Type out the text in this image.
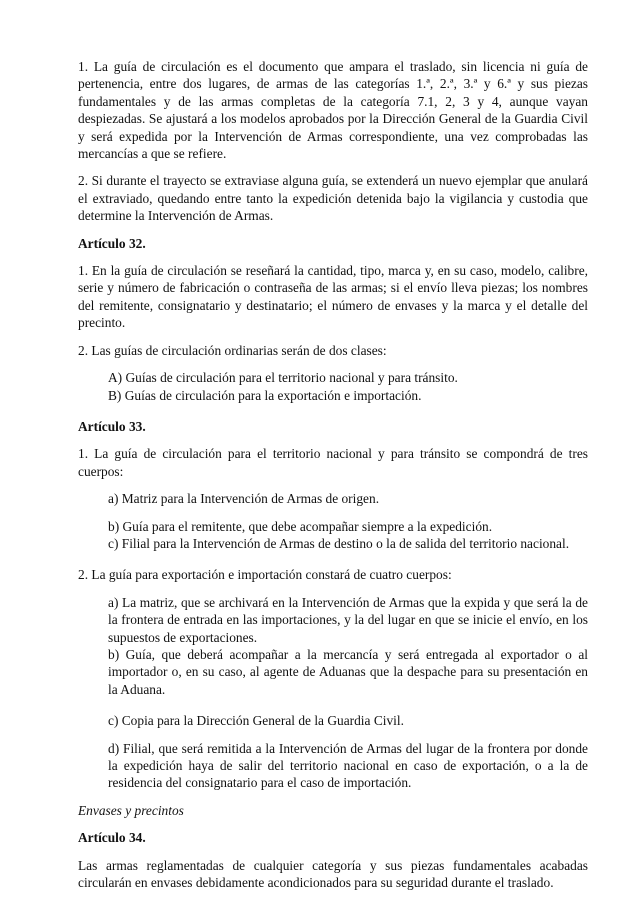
1. La guía de circulación es el documento que ampara el traslado, sin licencia ni guía de pertenencia, entre dos lugares, de armas de las categorías 1.ª, 2.ª, 3.ª y 6.ª y sus piezas fundamentales y de las armas completas de la categoría 7.1, 2, 3 y 4, aunque vayan despiezadas. Se ajustará a los modelos aprobados por la Dirección General de la Guardia Civil y será expedida por la Intervención de Armas correspondiente, una vez comprobadas las mercancías a que se refiere.

2. Si durante el trayecto se extraviase alguna guía, se extenderá un nuevo ejemplar que anulará el extraviado, quedando entre tanto la expedición detenida bajo la vigilancia y custodia que determine la Intervención de Armas.

Artículo 32.

1. En la guía de circulación se reseñará la cantidad, tipo, marca y, en su caso, modelo, calibre, serie y número de fabricación o contraseña de las armas; si el envío lleva piezas; los nombres del remitente, consignatario y destinatario; el número de envases y la marca y el detalle del precinto.

2. Las guías de circulación ordinarias serán de dos clases:

A) Guías de circulación para el territorio nacional y para tránsito.

B) Guías de circulación para la exportación e importación.

Artículo 33.

1. La guía de circulación para el territorio nacional y para tránsito se compondrá de tres cuerpos:

a) Matriz para la Intervención de Armas de origen.

b) Guía para el remitente, que debe acompañar siempre a la expedición.

c) Filial para la Intervención de Armas de destino o la de salida del territorio nacional.

2. La guía para exportación e importación constará de cuatro cuerpos:

a) La matriz, que se archivará en la Intervención de Armas que la expida y que será la de la frontera de entrada en las importaciones, y la del lugar en que se inicie el envío, en los supuestos de exportaciones.

b) Guía, que deberá acompañar a la mercancía y será entregada al exportador o al importador o, en su caso, al agente de Aduanas que la despache para su presentación en la Aduana.

c) Copia para la Dirección General de la Guardia Civil.

d) Filial, que será remitida a la Intervención de Armas del lugar de la frontera por donde la expedición haya de salir del territorio nacional en caso de exportación, o a la de residencia del consignatario para el caso de importación.

Envases y precintos

Artículo 34.

Las armas reglamentadas de cualquier categoría y sus piezas fundamentales acabadas circularán en envases debidamente acondicionados para su seguridad durante el traslado.
